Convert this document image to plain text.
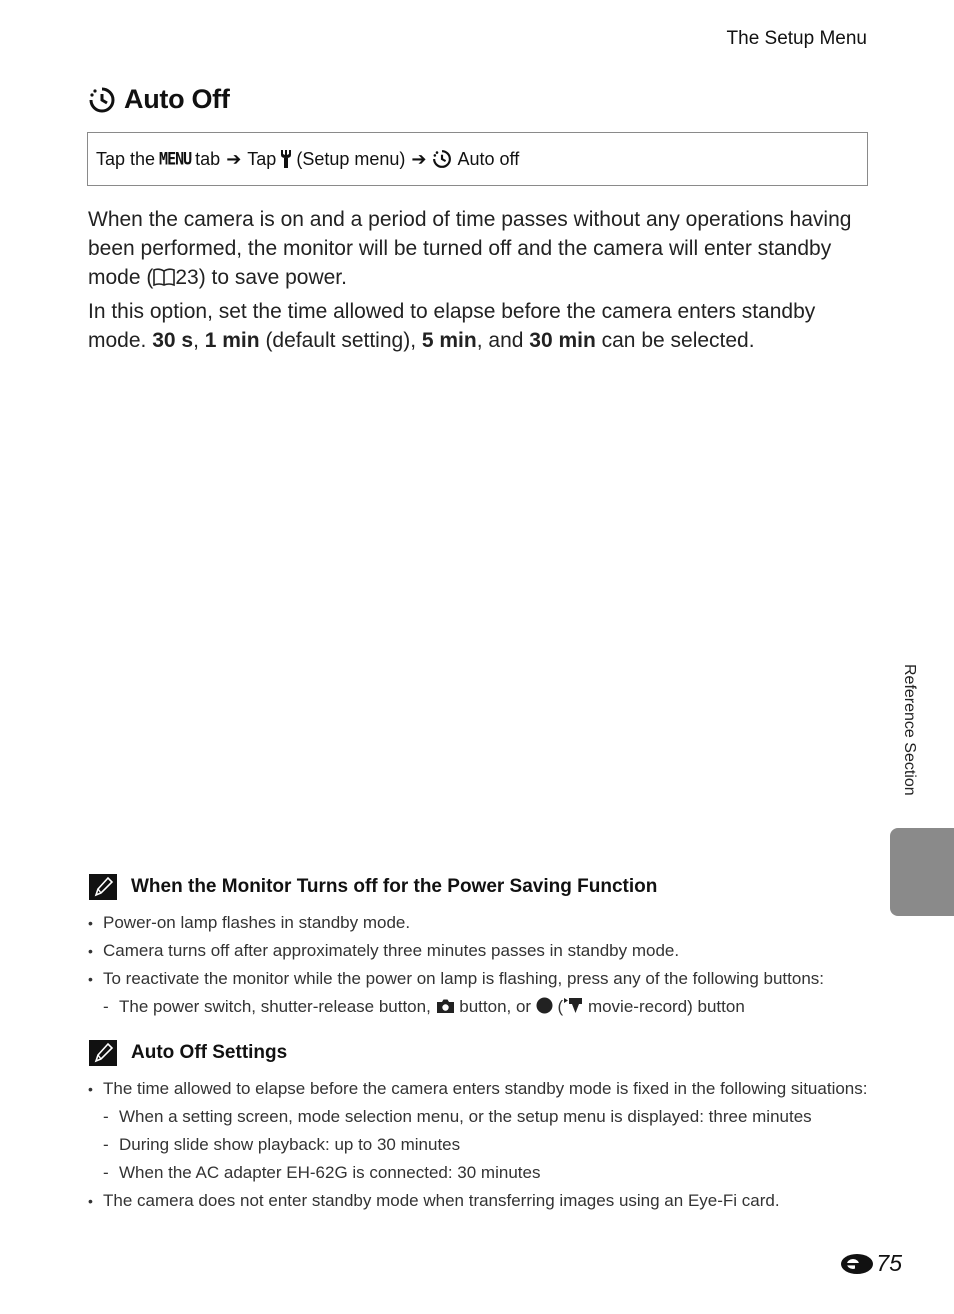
The Setup Menu
Auto Off
Tap the MENU tab ➔ Tap (Setup menu) ➔ Auto off
When the camera is on and a period of time passes without any operations having been performed, the monitor will be turned off and the camera will enter standby mode ( 23) to save power.
In this option, set the time allowed to elapse before the camera enters standby mode. 30 s, 1 min (default setting), 5 min, and 30 min can be selected.
Reference Section
When the Monitor Turns off for the Power Saving Function
• Power-on lamp flashes in standby mode.
• Camera turns off after approximately three minutes passes in standby mode.
• To reactivate the monitor while the power on lamp is flashing, press any of the following buttons:
- The power switch, shutter-release button,  button, or  ( movie-record) button
Auto Off Settings
• The time allowed to elapse before the camera enters standby mode is fixed in the following situations:
- When a setting screen, mode selection menu, or the setup menu is displayed: three minutes
- During slide show playback: up to 30 minutes
- When the AC adapter EH-62G is connected: 30 minutes
• The camera does not enter standby mode when transferring images using an Eye-Fi card.
75
